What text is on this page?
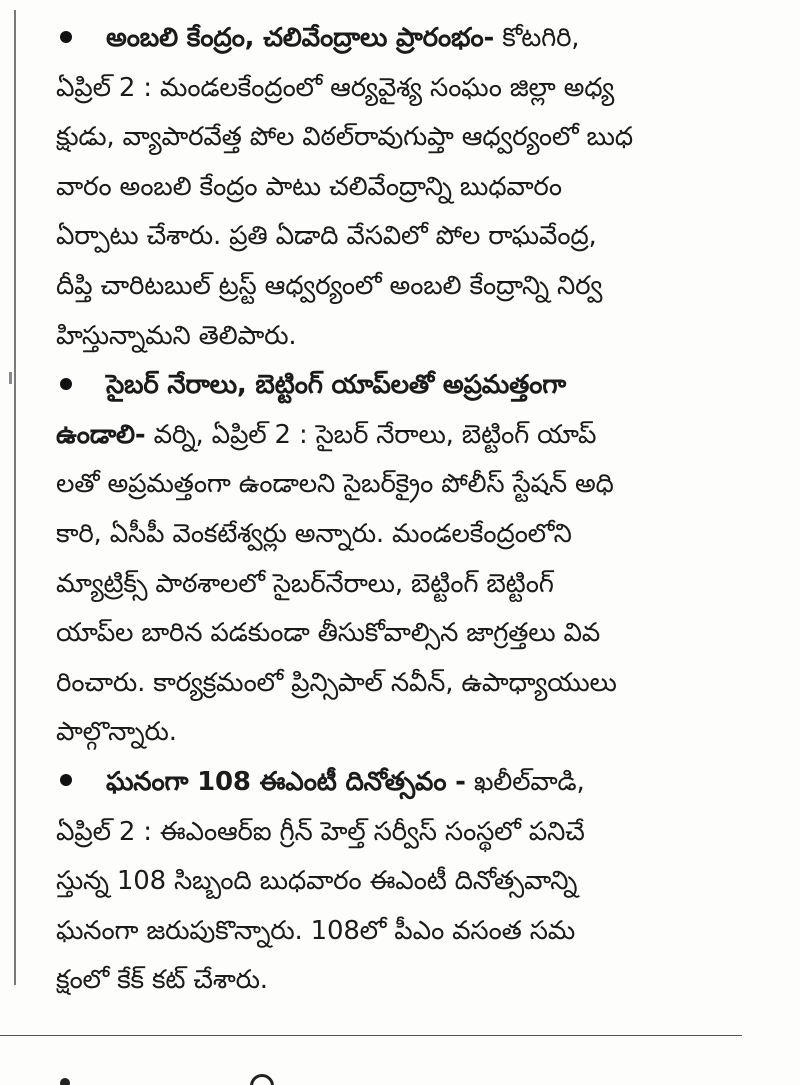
అంబలి కేంద్రం, చలివేంద్రాలు ప్రారంభం- కోటగిరి,
ఏప్రిల్ 2 : మండలకేంద్రంలో ఆర్యవైశ్య సంఘం జిల్లా అధ్య
క్షుడు, వ్యాపారవేత్త పోల విఠల్‌రావుగుప్తా ఆధ్వర్యంలో బుధ
వారం అంబలి కేంద్రం పాటు చలివేంద్రాన్ని బుధవారం
ఏర్పాటు చేశారు. ప్రతి ఏడాది వేసవిలో పోల రాఘవేంద్ర,
దీప్తి చారిటబుల్ ట్రస్ట్ ఆధ్వర్యంలో అంబలి కేంద్రాన్ని నిర్వ
హిస్తున్నామని తెలిపారు.
సైబర్ నేరాలు, బెట్టింగ్ యాప్‌లతో అప్రమత్తంగా
ఉండాలి- వర్ని, ఏప్రిల్ 2 : సైబర్ నేరాలు, బెట్టింగ్ యాప్
లతో అప్రమత్తంగా ఉండాలని సైబర్‌క్రైం పోలీస్ స్టేషన్ అధి
కారి, ఏసీపీ వెంకటేశ్వర్లు అన్నారు. మండలకేంద్రంలోని
మ్యాట్రిక్స్ పాఠశాలలో సైబర్‌నేరాలు, బెట్టింగ్ బెట్టింగ్
యాప్‌ల బారిన పడకుండా తీసుకోవాల్సిన జాగ్రత్తలు వివ
రించారు. కార్యక్రమంలో ప్రిన్సిపాల్ నవీన్, ఉపాధ్యాయులు
పాల్గొన్నారు.
ఘనంగా 108 ఈఎంటీ దినోత్సవం - ఖలీల్‌వాడి,
ఏప్రిల్ 2 : ఈఎంఆర్ఐ గ్రీన్ హెల్త్ సర్వీస్ సంస్థలో పనిచే
స్తున్న 108 సిబ్బంది బుధవారం ఈఎంటీ దినోత్సవాన్ని
ఘనంగా జరుపుకొన్నారు. 108లో పీఎం వసంత సమ
క్షంలో కేక్ కట్ చేశారు.
